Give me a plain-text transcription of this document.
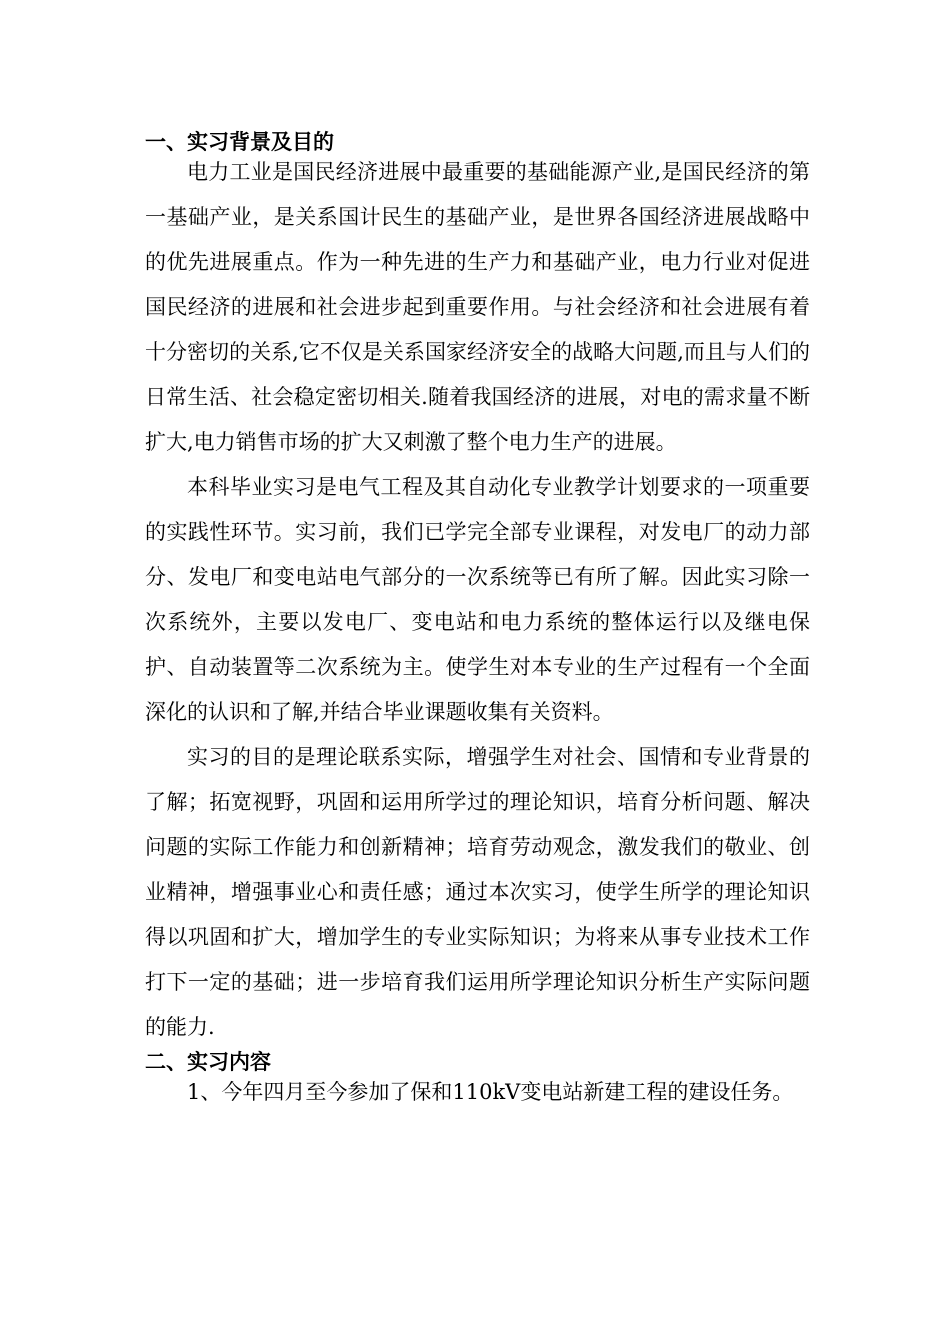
一、实习背景及目的

电力工业是国民经济进展中最重要的基础能源产业,是国民经济的第一基础产业，是关系国计民生的基础产业，是世界各国经济进展战略中的优先进展重点。作为一种先进的生产力和基础产业，电力行业对促进国民经济的进展和社会进步起到重要作用。与社会经济和社会进展有着十分密切的关系,它不仅是关系国家经济安全的战略大问题,而且与人们的日常生活、社会稳定密切相关.随着我国经济的进展，对电的需求量不断扩大,电力销售市场的扩大又刺激了整个电力生产的进展。

本科毕业实习是电气工程及其自动化专业教学计划要求的一项重要的实践性环节。实习前，我们已学完全部专业课程，对发电厂的动力部分、发电厂和变电站电气部分的一次系统等已有所了解。因此实习除一次系统外，主要以发电厂、变电站和电力系统的整体运行以及继电保护、自动装置等二次系统为主。使学生对本专业的生产过程有一个全面深化的认识和了解,并结合毕业课题收集有关资料。

实习的目的是理论联系实际，增强学生对社会、国情和专业背景的了解；拓宽视野，巩固和运用所学过的理论知识，培育分析问题、解决问题的实际工作能力和创新精神；培育劳动观念，激发我们的敬业、创业精神，增强事业心和责任感；通过本次实习，使学生所学的理论知识得以巩固和扩大，增加学生的专业实际知识；为将来从事专业技术工作打下一定的基础；进一步培育我们运用所学理论知识分析生产实际问题的能力.

二、实习内容

1、今年四月至今参加了保和110kV变电站新建工程的建设任务。
